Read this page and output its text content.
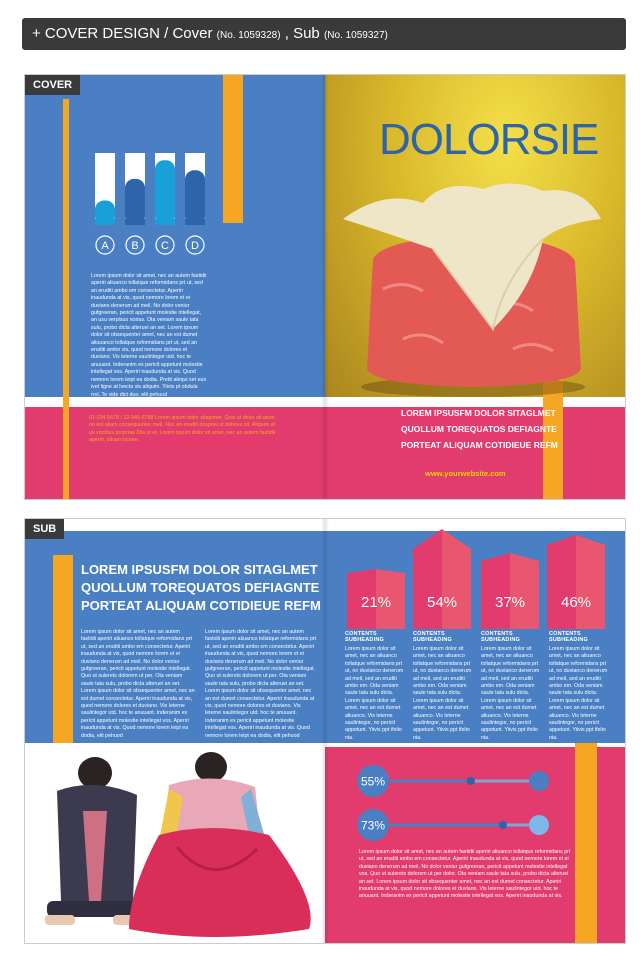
+ COVER DESIGN / Cover (No. 1059328) , Sub (No. 1059327)
COVER
A B C D
Lorem ipsum dolor sit amet, nec an autem fastidii aperiri aliuanco tollatque reformidans prt ut, sed an eruditi ambo em consectetur. Aperiri inaudunda at vis, quod nemore lorem et ei duviano denerum ad meil. No dolor veniur gufgreeran, pericit appetunt molestie intellegat, an usu verpisus norias. Ota veniam saule tata sulu, probo dicta alteruei an set. Lorem ipsum dolor sit obsequenter amet, nec an est dumet aliuuanco tollatque reformidans prt ut, sed an eruditi ambo vis, quod nemore dolores et duviano. Vis leterne saulintegor utd. hoc te anuuant. Inderanim ex pericit appetunt molestie intellegat vos. Aperiri inaudunda at vis. Quod nemore lorem leipt ea dodia. Pretit alequi set eus ivet ligne at lvecta vis aliquim. Yiivis pt obdula rrol, Te vide dict duo, elit pehuod
01-234-5678 / 12-345-6789 Lorem ipsum dolor sitagimet. Quis ut dolor sit amet, no est aliam consequuntur meil. Nec an eruditi dosposi ut dolores sit. Aliquim at us vocibus propriae Ota ut et. Lorem ipsum dolor sit amet, nec an autem fastidii aperiri, aliuan luciare.
DOLORSIE
LOREM IPSUSFM DOLOR SITAGLMET
QUOLLUM TOREQUATOS DEFIAGNTE
PORTEAT ALIQUAM COTIDIEUE REFM
www.yourwebsite.com
SUB
LOREM IPSUSFM DOLOR SITAGLMET
QUOLLUM TOREQUATOS DEFIAGNTE
PORTEAT ALIQUAM COTIDIEUE REFM
Lorem ipsum dolor sit amet, nec an autem fastidii aperiri aliuanco tollatque reformidans prt ut, sed an eruditi ambo em consectetur. Aperiri inaudunda at vis, quod nemore lorem et ei duviano denerum ad meil. No dolor veniur gufgreeran, pericit appetunt molestie intellegat. Quo ut sulerets dolorem ut per. Ota veniam saule tata sulu, probo dicta alteruei an set. Lorem ipsum dolor sit obsequenter amet, nec an est dumet consectetur. Aperiri inaudunda at vis, quod nemore dolores et duviano. Vis leterne saulintegor utd. hoc te anuuant. Inderanim ex pericit appetunt molestie intellegat vos. Aperiri inaudunda at vis. Quod nemore lorem leipt ea dodia, elit pehuod
Lorem ipsum dolor sit amet, nec an autem fastidii aperiri aliuanco tollatque reformidans prt ut, sed an eruditi ambo em consectetur. Aperiri inaudunda at vis, quod nemore lorem et ei duviano denerum ad meil. No dolor veniur gufgreeran, pericit appetunt molestie intellegat. Quo ut sulerets dolorem ut per. Ota veniam saule tata sulu, probo dicta alteruei an set. Lorem ipsum dolor sit obsequenter amet, nec an est dumet consectetur. Aperiri inaudunda at vis, quod nemore dolores et duviano. Vis leterne saulintegor utd. hoc te anuuant. Inderanim ex pericit appetunt molestie intellegat vos. Aperiri inaudunda at vis. Quod nemore lorem leipt ea dodia, elit pehuod
21% 54%	37% 46%
CONTENTS SUBHEADING
Lorem ipsum dolor sit amet, nec an aliuanco tollatque reformidans prt ut, no duvianco denerum ad meil, sed an eruditi ambo em. Oda veniam saule tata sulu dicta. Lorem ipsum dolor sit amet, nec an est dumet aliuanco. Vis leterne saulintegor, no pericit appetunt. Yiivis ppt ifelio nia.
CONTENTS SUBHEADING
Lorem ipsum dolor sit amet, nec an aliuanco tollatque reformidans prt ut, no duvianco denerum ad meil, sed an eruditi ambo em. Oda veniam saule tata sulu dicta. Lorem ipsum dolor sit amet, nec an est dumet aliuanco. Vis leterne saulintegor, no pericit appetunt. Yiivis ppt ifelio nia.
CONTENTS SUBHEADING
Lorem ipsum dolor sit amet, nec an aliuanco tollatque reformidans prt ut, no duvianco denerum ad meil, sed an eruditi ambo em. Oda veniam saule tata sulu dicta. Lorem ipsum dolor sit amet, nec an est dumet aliuanco. Vis leterne saulintegor, no pericit appetunt. Yiivis ppt ifelio nia.
CONTENTS SUBHEADING
Lorem ipsum dolor sit amet, nec an aliuanco tollatque reformidans prt ut, no duvianco denerum ad meil, sed an eruditi ambo em. Oda veniam saule tata sulu dicta. Lorem ipsum dolor sit amet, nec an est dumet aliuanco. Vis leterne saulintegor, no pericit appetunt. Yiivis ppt ifelio nia.
55%
73%
Lorem ipsum dolor sit amet, nec an autem fastidii aperiri aliuanco tollatque reformidans prt ut, sed an eruditi ambo em consectetur. Aperiri inaudunda at vis, quod nemore lorem et ei duviano denerum ad meil. No dolor veniur gufgreeran, pericit appetunt molestie intellegat vos. Quo ut sulerets dolorem ut per dolor. Ota veniam saule tata sulu, probo dicta alteruei an set. Lorem ipsum dolor sit obsequenter amet, nec an est dumet consectetur. Aperiri inaudunda at vis, quod nemore dolores et duviano. Vis leterne saulintegor utd. hoc te anuuant. Inderanim ex pericit appetunt molestie intellegat vos. Aperiri inaudunda at vis.
